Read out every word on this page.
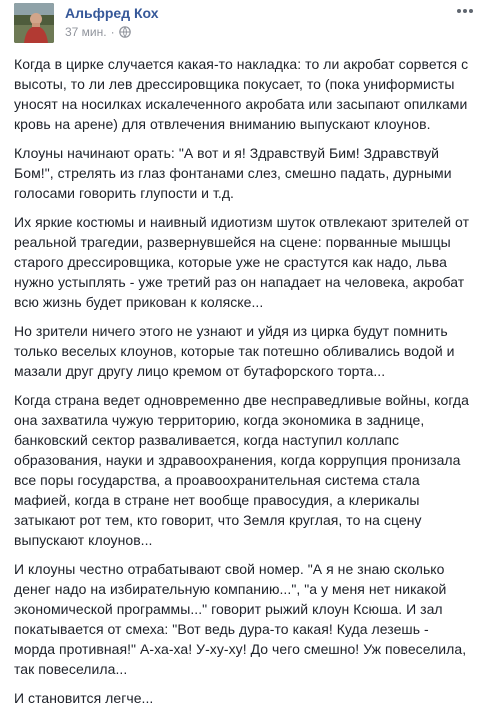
Альфред Кох
37 мин. ·

Когда в цирке случается какая-то накладка: то ли акробат сорвется с высоты, то ли лев дрессировщика покусает, то (пока униформисты уносят на носилках искалеченного акробата или засыпают опилками кровь на арене) для отвлечения вниманию выпускают клоунов.

Клоуны начинают орать: "А вот и я! Здравствуй Бим! Здравствуй Бом!", стрелять из глаз фонтанами слез, смешно падать, дурными голосами говорить глупости и т.д.

Их яркие костюмы и наивный идиотизм шуток отвлекают зрителей от реальной трагедии, развернувшейся на сцене: порванные мышцы старого дрессировщика, которые уже не срастутся как надо, льва нужно устыплять - уже третий раз он нападает на человека, акробат всю жизнь будет прикован к коляске...

Но зрители ничего этого не узнают и уйдя из цирка будут помнить только веселых клоунов, которые так потешно обливались водой и мазали друг другу лицо кремом от бутафорского торта...

Когда страна ведет одновременно две несправедливые войны, когда она захватила чужую территорию, когда экономика в заднице, банковский сектор разваливается, когда наступил коллапс образования, науки и здравоохранения, когда коррупция пронизала все поры государства, а проавоохранительная система стала мафией, когда в стране нет вообще правосудия, а клерикалы затыкают рот тем, кто говорит, что Земля круглая, то на сцену выпускают клоунов...

И клоуны честно отрабатывают свой номер. "А я не знаю сколько денег надо на избирательную компанию...", "а у меня нет никакой экономической программы..." говорит рыжий клоун Ксюша. И зал покатывается от смеха: "Вот ведь дура-то какая! Куда лезешь - морда противная!" А-ха-ха! У-ху-ху! До чего смешно! Уж повеселила, так повеселила...

И становится легче...
